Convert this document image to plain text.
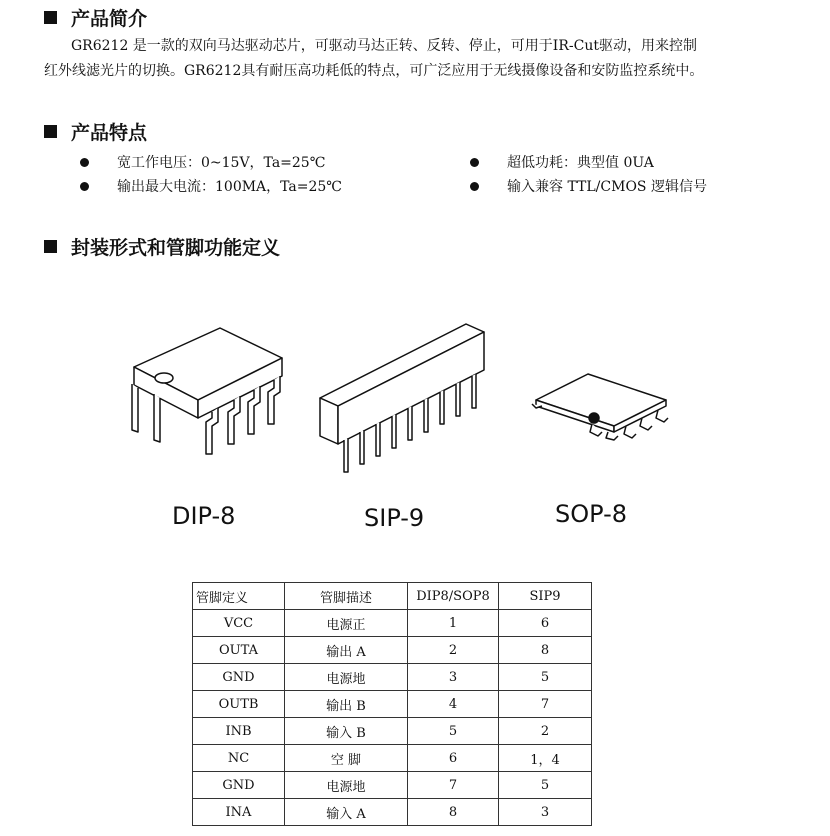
产品简介
GR6212 是一款的双向马达驱动芯片，可驱动马达正转、反转、停止，可用于IR-Cut驱动，用来控制
红外线滤光片的切换。GR6212具有耐压高功耗低的特点，可广泛应用于无线摄像设备和安防监控系统中。
产品特点
宽工作电压：0~15V，Ta=25℃	超低功耗：典型值 0UA
输出最大电流：100MA，Ta=25℃	输入兼容 TTL/CMOS 逻辑信号
封装形式和管脚功能定义
DIP-8	SIP-9	SOP-8
管脚定义	管脚描述	DIP8/SOP8	SIP9
VCC	电源正	1	6
OUTA	输出 A	2	8
GND	电源地	3	5
OUTB	输出 B	4	7
INB	输入 B	5	2
NC	空 脚	6	1，4
GND	电源地	7	5
INA	输入 A	8	3
